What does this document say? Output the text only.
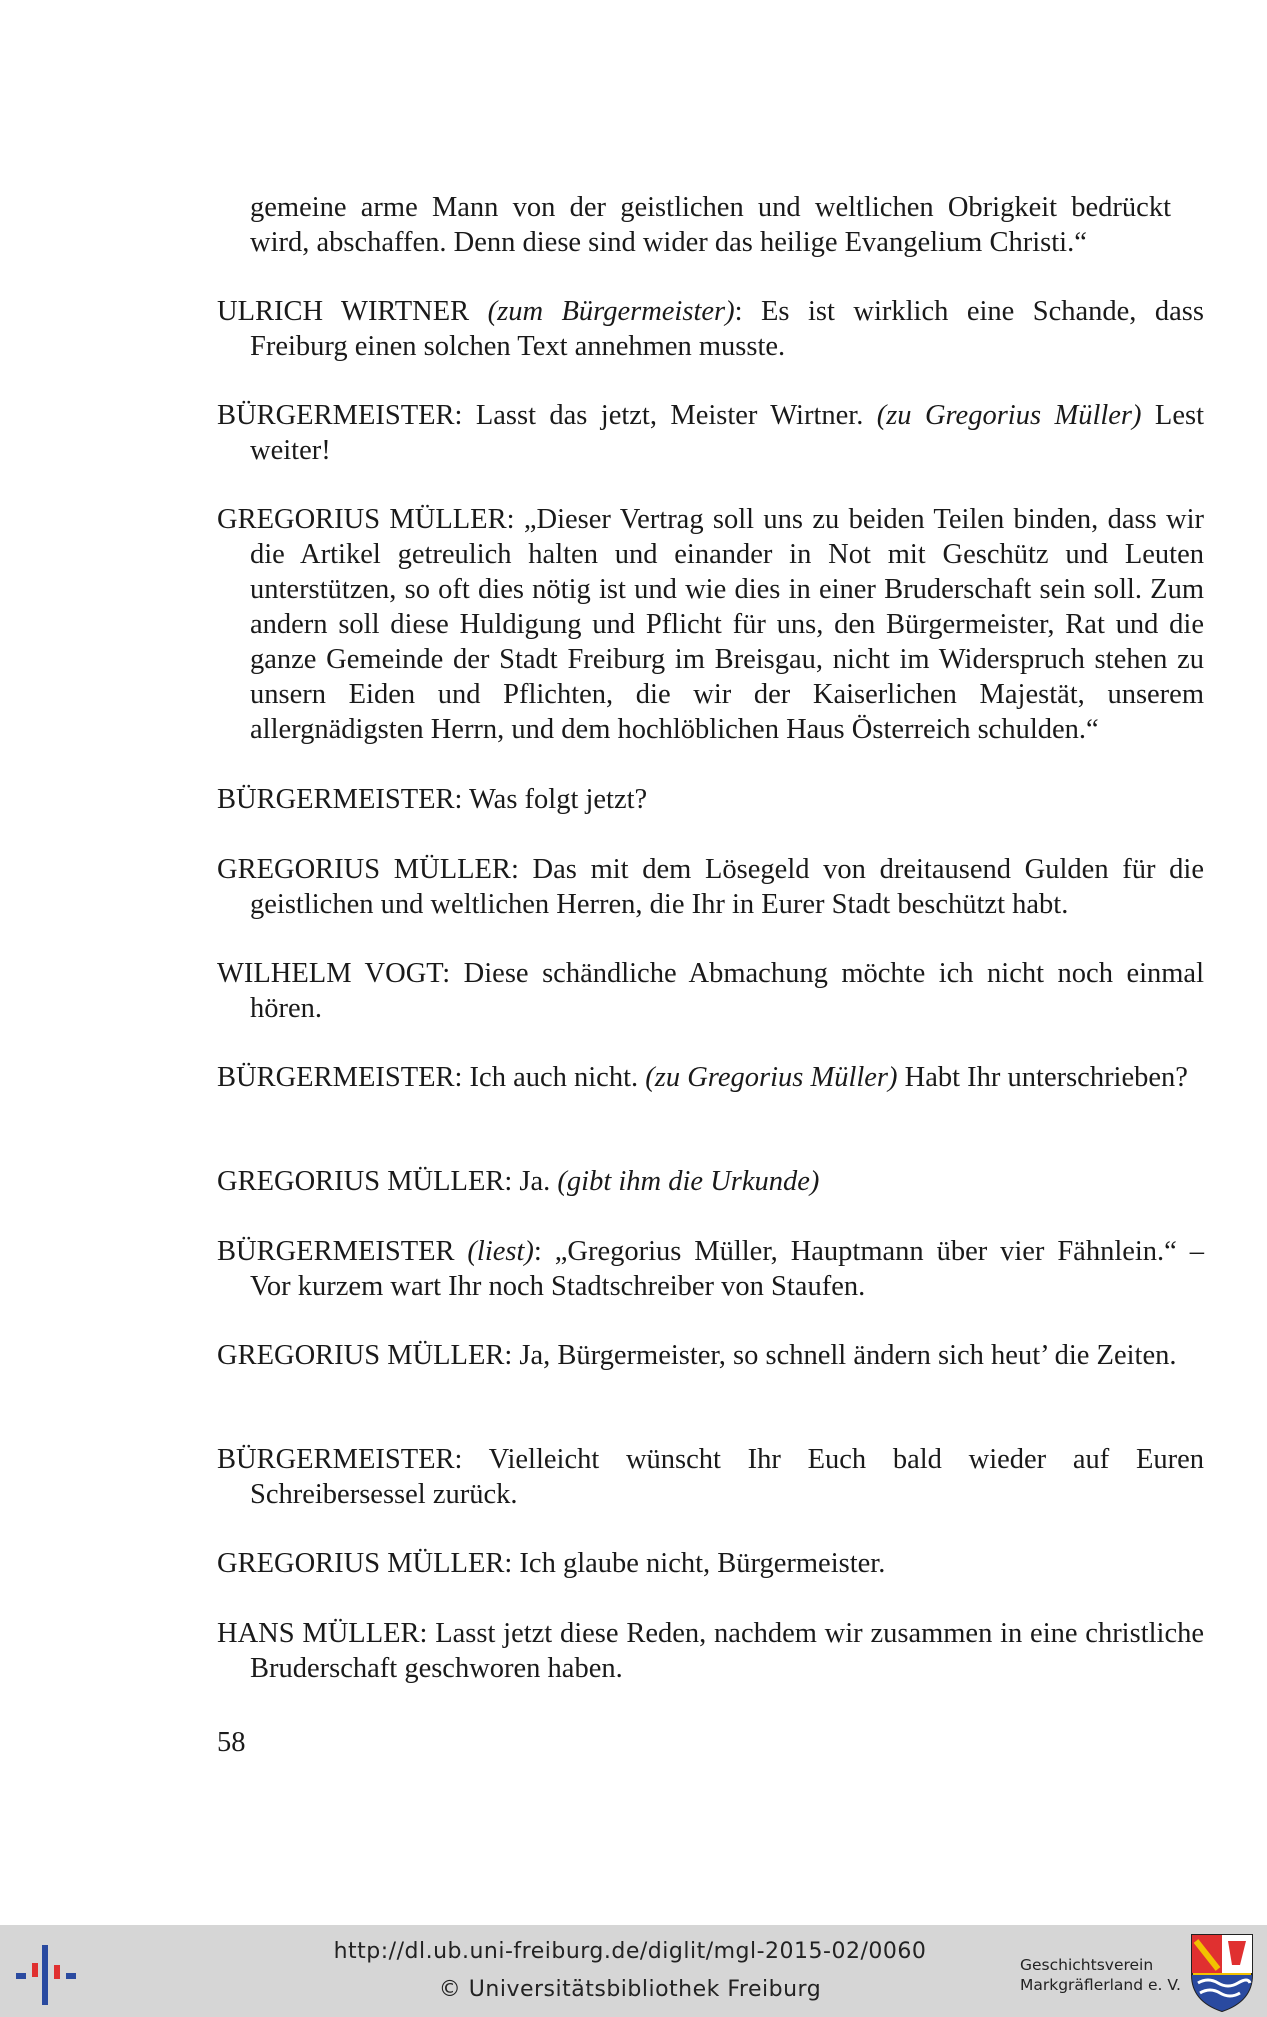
gemeine arme Mann von der geistlichen und weltlichen Obrigkeit bedrückt wird, abschaffen. Denn diese sind wider das heilige Evangelium Christi.“
ULRICH WIRTNER (zum Bürgermeister): Es ist wirklich eine Schande, dass Freiburg einen solchen Text annehmen musste.
BÜRGERMEISTER: Lasst das jetzt, Meister Wirtner. (zu Gregorius Müller) Lest weiter!
GREGORIUS MÜLLER: „Dieser Vertrag soll uns zu beiden Teilen binden, dass wir die Artikel getreulich halten und einander in Not mit Geschütz und Leuten unterstützen, so oft dies nötig ist und wie dies in einer Bruderschaft sein soll. Zum andern soll diese Huldigung und Pflicht für uns, den Bürgermeister, Rat und die ganze Gemeinde der Stadt Freiburg im Breisgau, nicht im Widerspruch stehen zu unsern Eiden und Pflichten, die wir der Kaiserlichen Majestät, unserem allergnädigsten Herrn, und dem hochlöblichen Haus Österreich schulden.“
BÜRGERMEISTER: Was folgt jetzt?
GREGORIUS MÜLLER: Das mit dem Lösegeld von dreitausend Gulden für die geistlichen und weltlichen Herren, die Ihr in Eurer Stadt beschützt habt.
WILHELM VOGT: Diese schändliche Abmachung möchte ich nicht noch einmal hören.
BÜRGERMEISTER: Ich auch nicht. (zu Gregorius Müller) Habt Ihr unterschrieben?
GREGORIUS MÜLLER: Ja. (gibt ihm die Urkunde)
BÜRGERMEISTER (liest): „Gregorius Müller, Hauptmann über vier Fähnlein.“ – Vor kurzem wart Ihr noch Stadtschreiber von Staufen.
GREGORIUS MÜLLER: Ja, Bürgermeister, so schnell ändern sich heut’ die Zeiten.
BÜRGERMEISTER: Vielleicht wünscht Ihr Euch bald wieder auf Euren Schreibersessel zurück.
GREGORIUS MÜLLER: Ich glaube nicht, Bürgermeister.
HANS MÜLLER: Lasst jetzt diese Reden, nachdem wir zusammen in eine christliche Bruderschaft geschworen haben.
58
http://dl.ub.uni-freiburg.de/diglit/mgl-2015-02/0060
© Universitätsbibliothek Freiburg
Geschichtsverein
Markgräflerland e. V.
